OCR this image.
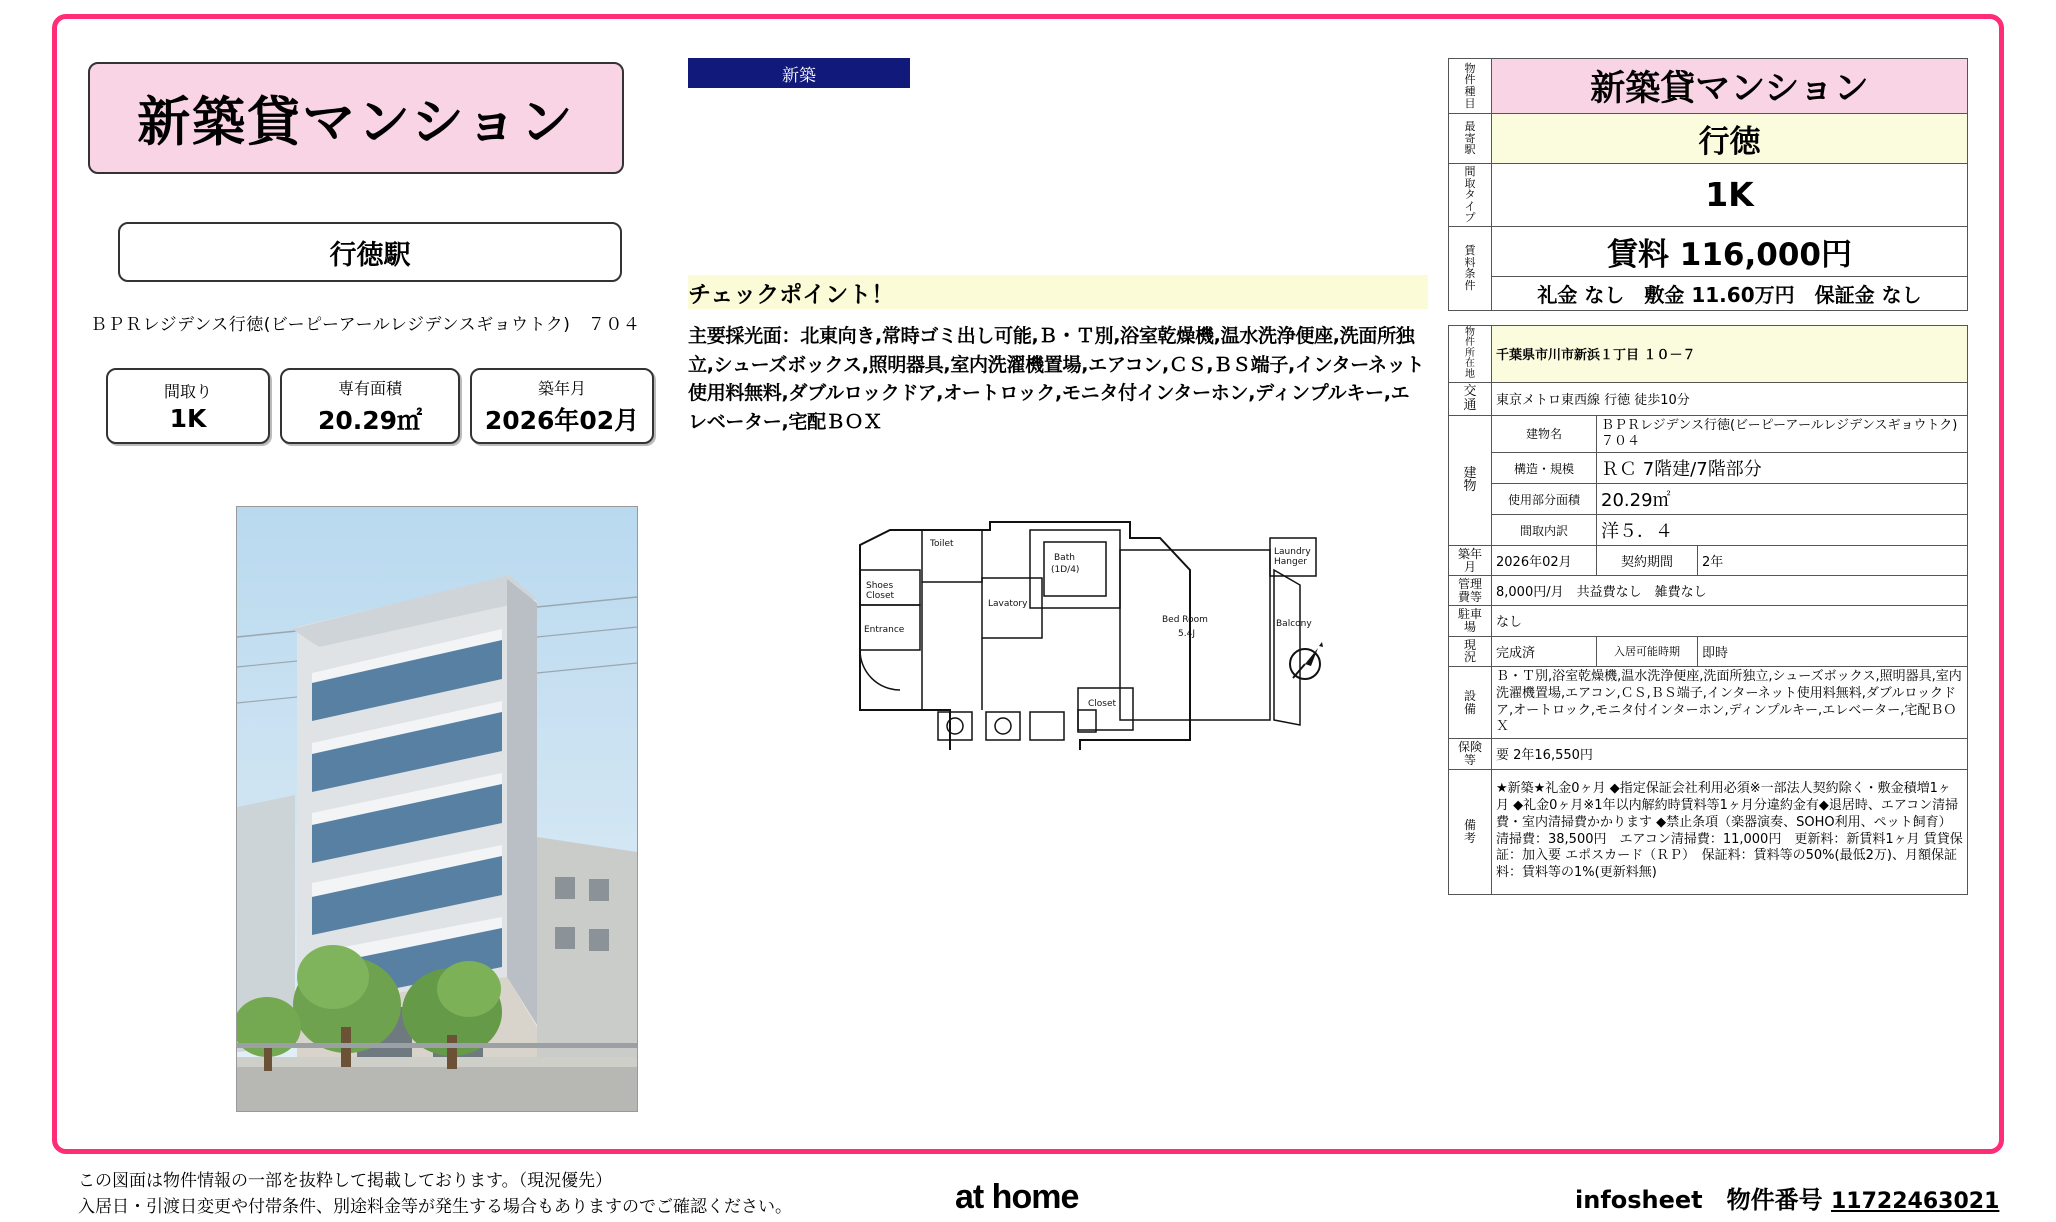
新築貸マンション
行徳駅
ＢＰＲレジデンス行徳(ビーピーアールレジデンスギョウトク)　７０４
間取り
1K
専有面積
20.29㎡
築年月
2026年02月
新築
チェックポイント！
主要採光面：北東向き,常時ゴミ出し可能,Ｂ・Ｔ別,浴室乾燥機,温水洗浄便座,洗面所独立,シューズボックス,照明器具,室内洗濯機置場,エアコン,ＣＳ,ＢＳ端子,インターネット使用料無料,ダブルロックドア,オートロック,モニタ付インターホン,ディンプルキー,エレベーター,宅配ＢＯＸ
Toilet
Shoes
Closet
Entrance
Lavatory
Bath
(1D/4)
Bed Room
5.4J
Closet
Balcony
Laundry
Hanger
物
件
種
目	新築貸マンション

最
寄
駅	行徳

間
取
タ
イ
プ	1K

賃
料
条
件	賃料 116,000円
	礼金 なし　敷金 11.60万円　保証金 なし
物
件
所
在
地	千葉県市川市新浜１丁目 １０－７		

交
通	東京メトロ東西線 行徳 徒歩10分		

建
物	建物名	ＢＰＲレジデンス行徳(ビーピーアールレジデンスギョウトク)　７０４	
	構造・規模	ＲＣ 7階建/7階部分	
	使用部分面積	20.29㎡	
	間取内訳	洋５．４	
築年月	2026年02月	契約期間	2年
管理費等	8,000円/月　共益費なし　雑費なし		
駐車場	なし		
現　況	完成済	入居可能時期	即時
設　備	Ｂ・Ｔ別,浴室乾燥機,温水洗浄便座,洗面所独立,シューズボックス,照明器具,室内洗濯機置場,エアコン,ＣＳ,ＢＳ端子,インターネット使用料無料,ダブルロックドア,オートロック,モニタ付インターホン,ディンプルキー,エレベーター,宅配ＢＯＸ		
保険等	要 2年16,550円		
備　考	★新築★礼金0ヶ月 ◆指定保証会社利用必須※一部法人契約除く・敷金積増1ヶ月 ◆礼金0ヶ月※1年以内解約時賃料等1ヶ月分違約金有◆退居時、エアコン清掃費・室内清掃費かかります ◆禁止条項（楽器演奏、SOHO利用、ペット飼育）　清掃費：38,500円　エアコン清掃費：11,000円　更新料：新賃料1ヶ月 賃貸保証：加入要 エポスカード（ＲＰ）　保証料：賃料等の50%(最低2万)、月額保証料：賃料等の1%(更新料無)		
この図面は物件情報の一部を抜粋して掲載しております。（現況優先）
入居日・引渡日変更や付帯条件、別途料金等が発生する場合もありますのでご確認ください。	at home	infosheet　物件番号 11722463021
